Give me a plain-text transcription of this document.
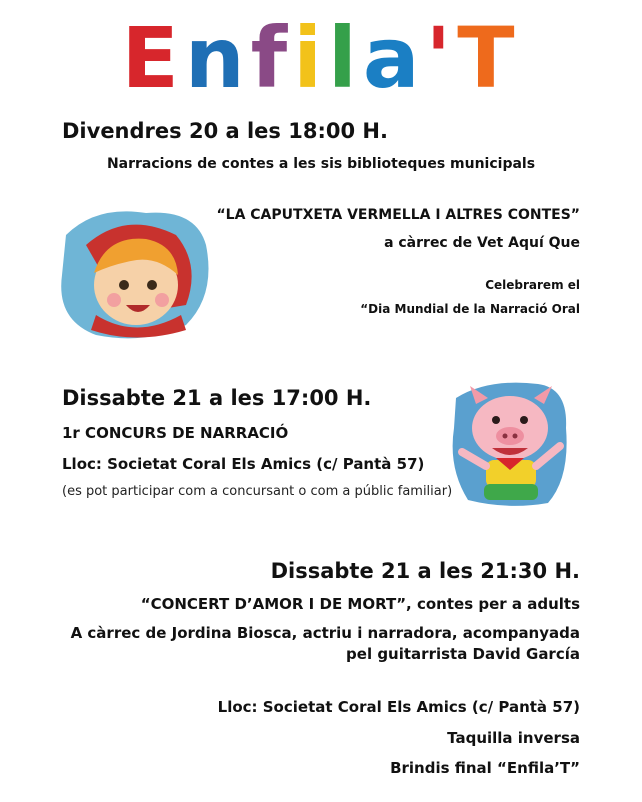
Enfila'T
Divendres 20 a les 18:00 H.
Narracions de contes a les sis biblioteques municipals
“LA CAPUTXETA VERMELLA I ALTRES CONTES”
a càrrec de Vet Aquí Que
Celebrarem el
“Dia Mundial de la Narració Oral
Dissabte 21 a les 17:00 H.
1r CONCURS DE NARRACIÓ
Lloc: Societat Coral Els Amics (c/ Pantà 57)
(es pot participar com a concursant o com a públic familiar)
Dissabte 21 a les 21:30 H.
“CONCERT D’AMOR I DE MORT”, contes per a adults
A càrrec de Jordina Biosca, actriu i narradora, acompanyada
pel guitarrista David García
Lloc: Societat Coral Els Amics (c/ Pantà 57)
Taquilla inversa
Brindis final “Enfila’T”
